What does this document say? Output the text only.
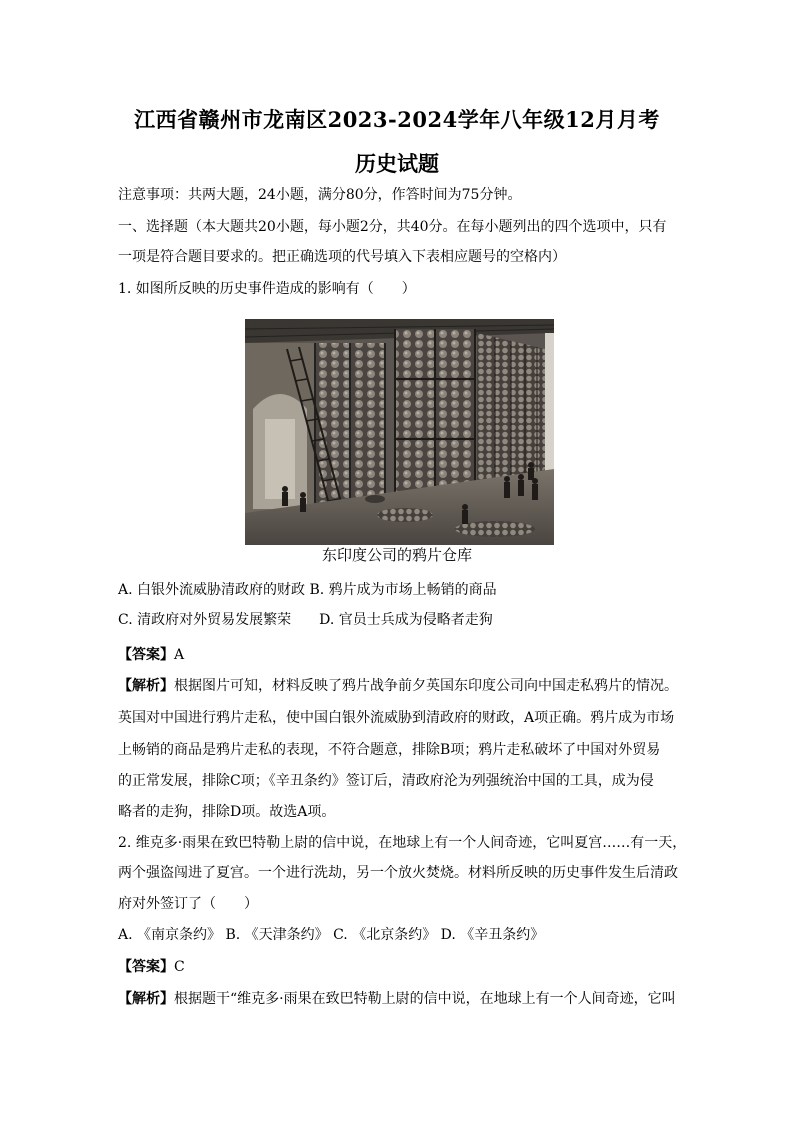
江西省赣州市龙南区2023-2024学年八年级12月月考
历史试题
注意事项：共两大题，24小题，满分80分，作答时间为75分钟。
一、选择题（本大题共20小题，每小题2分，共40分。在每小题列出的四个选项中，只有
一项是符合题目要求的。把正确选项的代号填入下表相应题号的空格内）
1. 如图所反映的历史事件造成的影响有（　　）
东印度公司的鸦片仓库
A. 白银外流威胁清政府的财政 B. 鸦片成为市场上畅销的商品
C. 清政府对外贸易发展繁荣　　D. 官员士兵成为侵略者走狗
【答案】A
【解析】根据图片可知，材料反映了鸦片战争前夕英国东印度公司向中国走私鸦片的情况。
英国对中国进行鸦片走私，使中国白银外流威胁到清政府的财政，A项正确。鸦片成为市场
上畅销的商品是鸦片走私的表现，不符合题意，排除B项；鸦片走私破坏了中国对外贸易
的正常发展，排除C项；《辛丑条约》签订后，清政府沦为列强统治中国的工具，成为侵
略者的走狗，排除D项。故选A项。
2. 维克多·雨果在致巴特勒上尉的信中说，在地球上有一个人间奇迹，它叫夏宫……有一天，
两个强盗闯进了夏宫。一个进行洗劫，另一个放火焚烧。材料所反映的历史事件发生后清政
府对外签订了（　　）
A. 《南京条约》 B. 《天津条约》 C. 《北京条约》 D. 《辛丑条约》
【答案】C
【解析】根据题干“维克多·雨果在致巴特勒上尉的信中说，在地球上有一个人间奇迹，它叫
